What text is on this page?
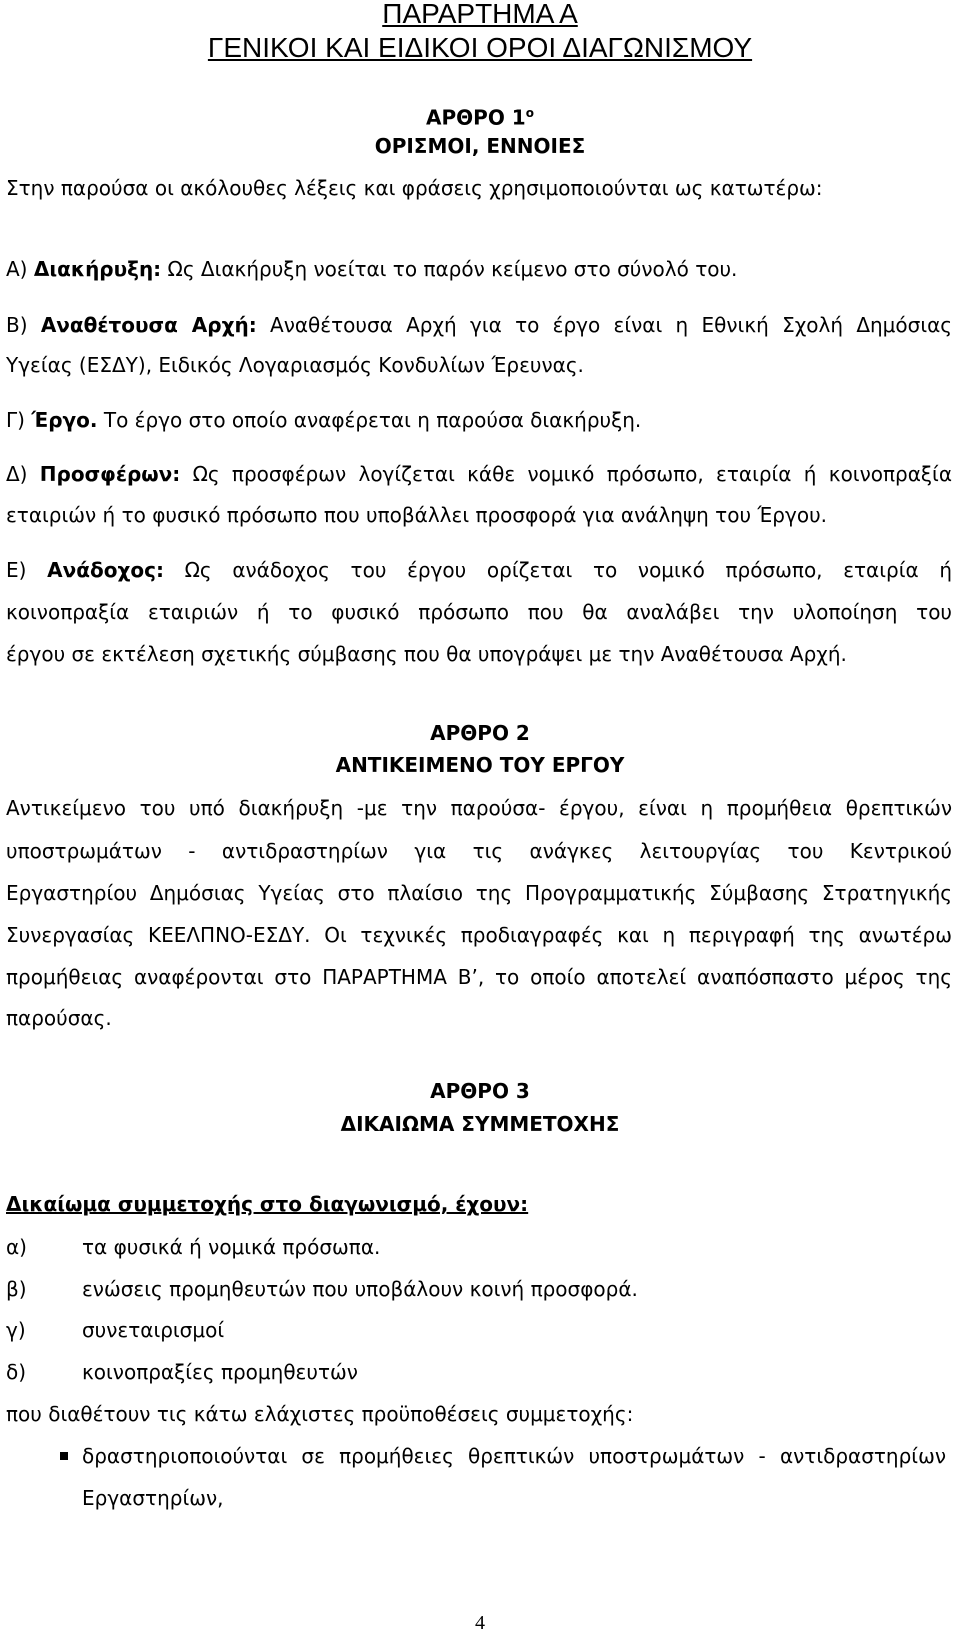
ΠΑΡΑΡΤΗΜΑ Α
ΓΕΝΙΚΟΙ ΚΑΙ ΕΙΔΙΚΟΙ ΟΡΟΙ ΔΙΑΓΩΝΙΣΜΟΥ
ΑΡΘΡΟ $1^o$
ΟΡΙΣΜΟΙ, ΕΝΝΟΙΕΣ
Στην παρούσα οι ακόλουθες λέξεις και φράσεις χρησιμοποιούνται ως κατωτέρω:
Α) Διακήρυξη: Ως Διακήρυξη νοείται το παρόν κείμενο στο σύνολό του.
Β) Αναθέτουσα Αρχή: Αναθέτουσα Αρχή για το έργο είναι η Εθνική Σχολή Δημόσιας
Υγείας (ΕΣΔΥ), Ειδικός Λογαριασμός Κονδυλίων Έρευνας.
Γ) Έργο. Το έργο στο οποίο αναφέρεται η παρούσα διακήρυξη.
Δ) Προσφέρων: Ως προσφέρων λογίζεται κάθε νομικό πρόσωπο, εταιρία ή κοινοπραξία
εταιριών ή το φυσικό πρόσωπο που υποβάλλει προσφορά για ανάληψη του Έργου.
Ε) Ανάδοχος: Ως ανάδοχος του έργου ορίζεται το νομικό πρόσωπο, εταιρία ή
κοινοπραξία εταιριών ή το φυσικό πρόσωπο που θα αναλάβει την υλοποίηση του
έργου σε εκτέλεση σχετικής σύμβασης που θα υπογράψει με την Αναθέτουσα Αρχή.
ΑΡΘΡΟ 2
ΑΝΤΙΚΕΙΜΕΝΟ ΤΟΥ ΕΡΓΟΥ
Αντικείμενο του υπό διακήρυξη -με την παρούσα- έργου, είναι η προμήθεια θρεπτικών
υποστρωμάτων - αντιδραστηρίων για τις ανάγκες λειτουργίας του Κεντρικού
Εργαστηρίου Δημόσιας Υγείας στο πλαίσιο της Προγραμματικής Σύμβασης Στρατηγικής
Συνεργασίας ΚΕΕΛΠΝΟ-ΕΣΔΥ. Οι τεχνικές προδιαγραφές και η περιγραφή της ανωτέρω
προμήθειας αναφέρονται στο ΠΑΡΑΡΤΗΜΑ Β’, το οποίο αποτελεί αναπόσπαστο μέρος της
παρούσας.
ΑΡΘΡΟ 3
ΔΙΚΑΙΩΜΑ ΣΥΜΜΕΤΟΧΗΣ
Δικαίωμα συμμετοχής στο διαγωνισμό, έχουν:
α)	τα φυσικά ή νομικά πρόσωπα.
β)	ενώσεις προμηθευτών που υποβάλουν κοινή προσφορά.
γ)	συνεταιρισμοί
δ)	κοινοπραξίες προμηθευτών
που διαθέτουν τις κάτω ελάχιστες προϋποθέσεις συμμετοχής:
δραστηριοποιούνται σε προμήθειες θρεπτικών υποστρωμάτων - αντιδραστηρίων
Εργαστηρίων,
4
